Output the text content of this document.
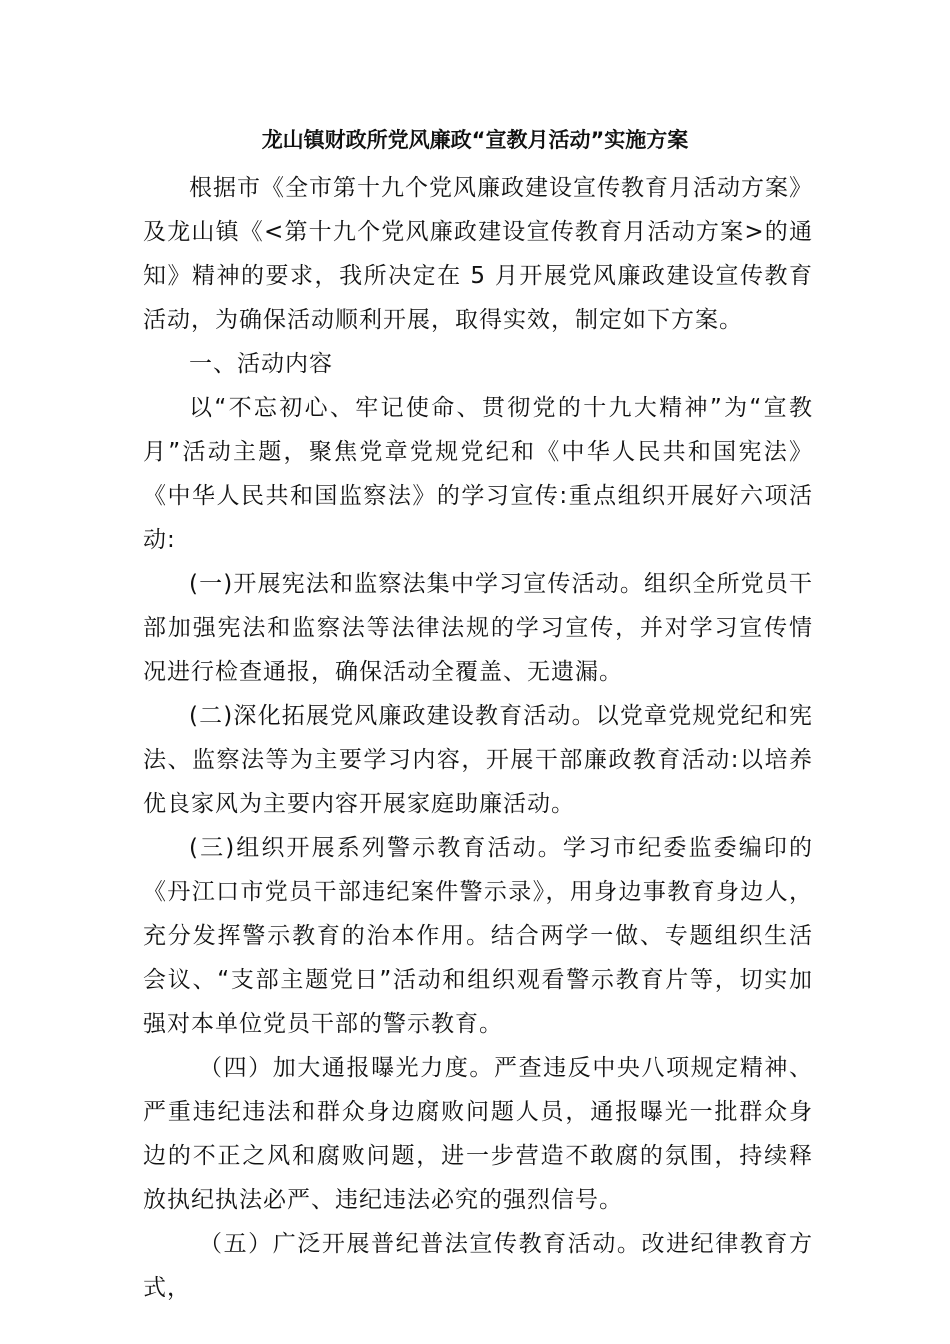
龙山镇财政所党风廉政“宣教月活动”实施方案

根据市《全市第十九个党风廉政建设宣传教育月活动方案》及龙山镇《<第十九个党风廉政建设宣传教育月活动方案>的通知》精神的要求，我所决定在 5 月开展党风廉政建设宣传教育活动，为确保活动顺利开展，取得实效，制定如下方案。

一、活动内容

以“不忘初心、牢记使命、贯彻党的十九大精神”为“宣教月”活动主题，聚焦党章党规党纪和《中华人民共和国宪法》《中华人民共和国监察法》的学习宣传:重点组织开展好六项活动:

(一)开展宪法和监察法集中学习宣传活动。组织全所党员干部加强宪法和监察法等法律法规的学习宣传，并对学习宣传情况进行检查通报，确保活动全覆盖、无遗漏。

(二)深化拓展党风廉政建设教育活动。以党章党规党纪和宪法、监察法等为主要学习内容，开展干部廉政教育活动:以培养优良家风为主要内容开展家庭助廉活动。

(三)组织开展系列警示教育活动。学习市纪委监委编印的《丹江口市党员干部违纪案件警示录》，用身边事教育身边人，充分发挥警示教育的治本作用。结合两学一做、专题组织生活会议、“支部主题党日”活动和组织观看警示教育片等，切实加强对本单位党员干部的警示教育。

（四）加大通报曝光力度。严查违反中央八项规定精神、严重违纪违法和群众身边腐败问题人员，通报曝光一批群众身边的不正之风和腐败问题，进一步营造不敢腐的氛围，持续释放执纪执法必严、违纪违法必究的强烈信号。

（五）广泛开展普纪普法宣传教育活动。改进纪律教育方式，
